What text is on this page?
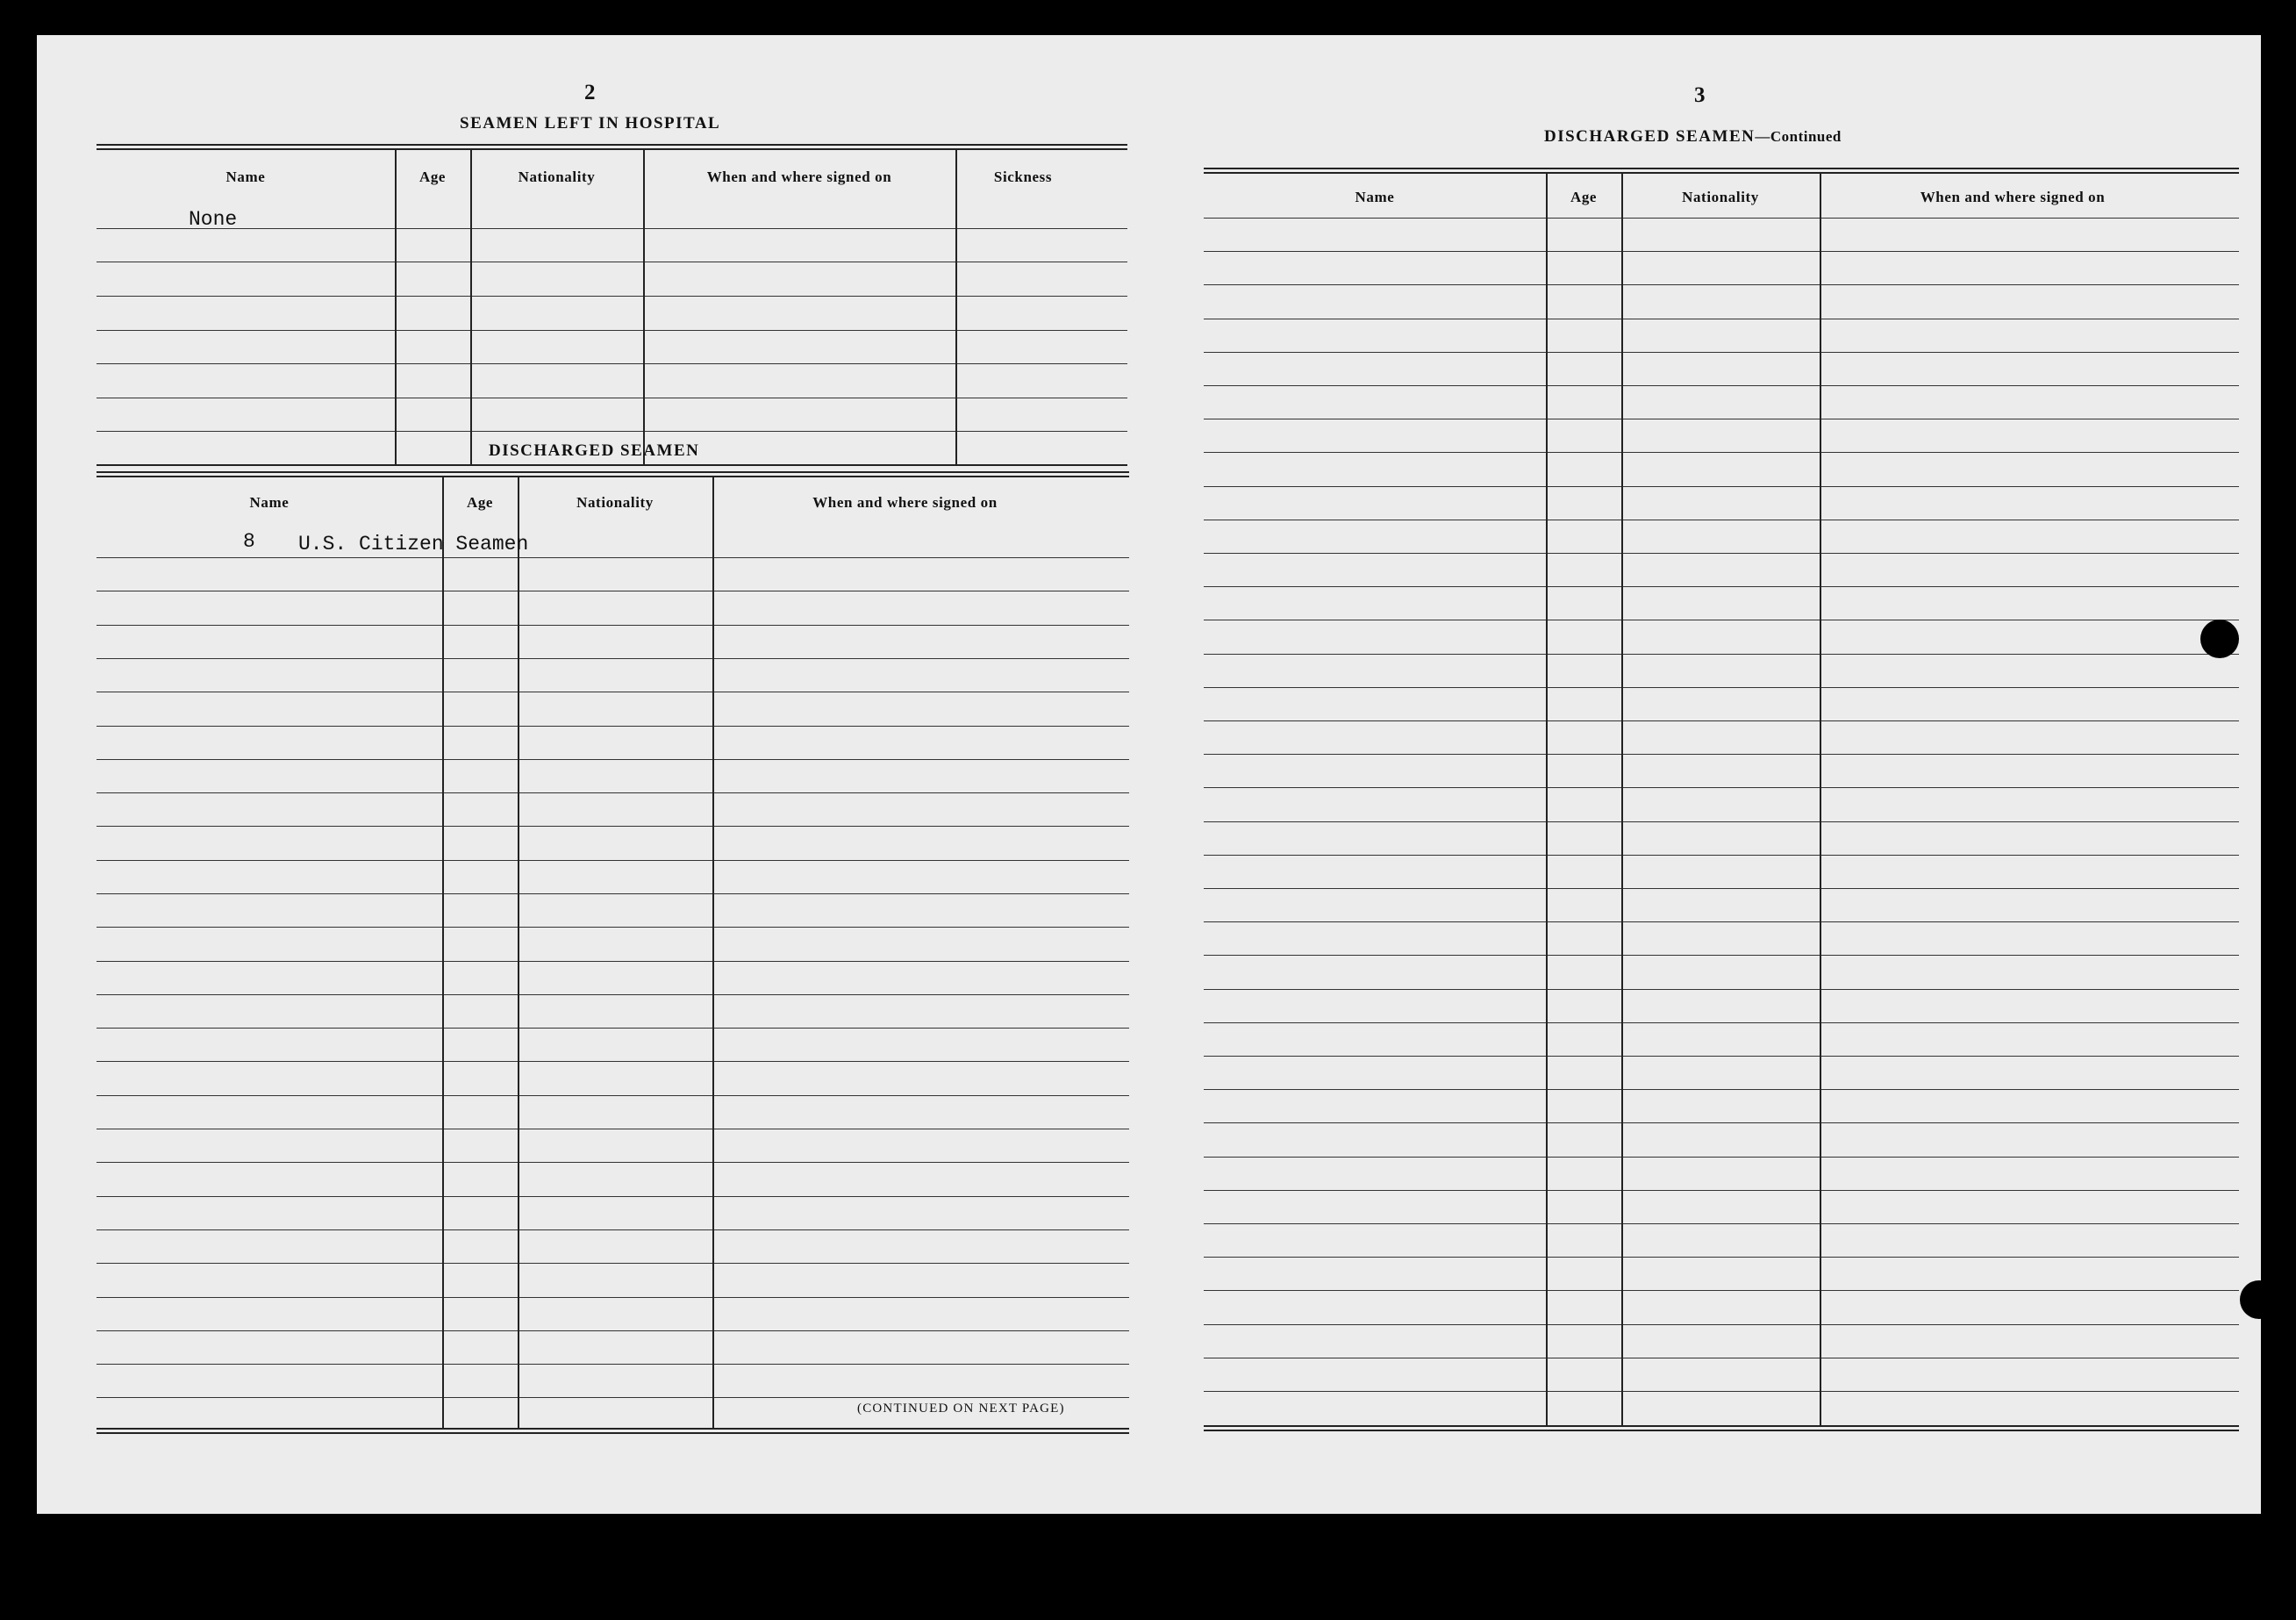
2
SEAMEN LEFT IN HOSPITAL
Name	Age	Nationality	When and where signed on	Sickness
None
DISCHARGED SEAMEN
Name	Age	Nationality	When and where signed on
8 U.S. Citizen Seamen
(CONTINUED ON NEXT PAGE)
3
DISCHARGED SEAMEN—Continued
Name	Age	Nationality	When and where signed on
